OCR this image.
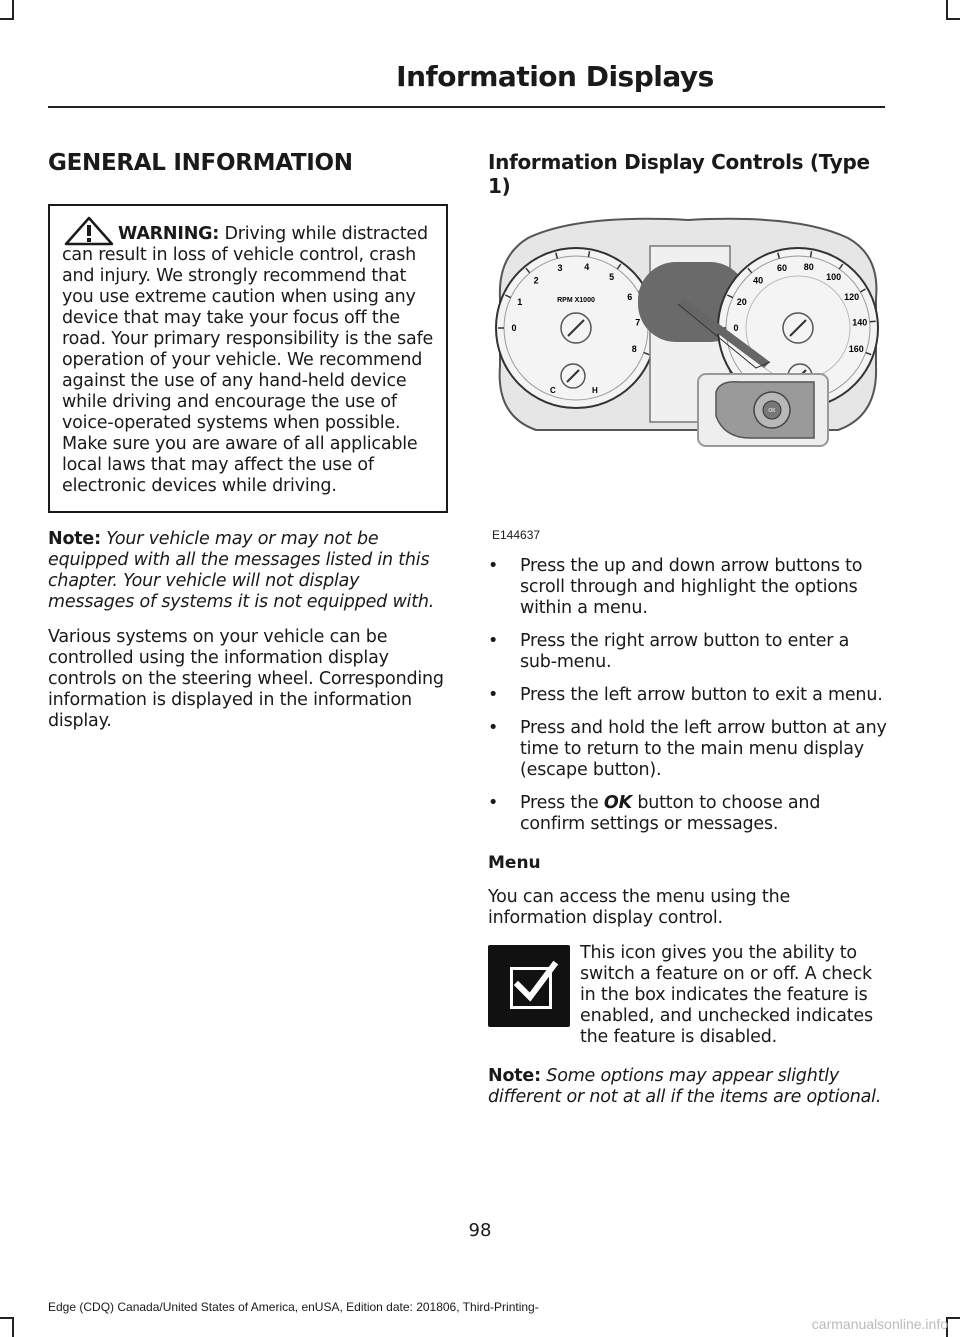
Information Displays
GENERAL INFORMATION
WARNING: Driving while distracted can result in loss of vehicle control, crash and injury. We strongly recommend that you use extreme caution when using any device that may take your focus off the road. Your primary responsibility is the safe operation of your vehicle. We recommend against the use of any hand-held device while driving and encourage the use of voice-operated systems when possible. Make sure you are aware of all applicable local laws that may affect the use of electronic devices while driving.

Note: Your vehicle may or may not be equipped with all the messages listed in this chapter. Your vehicle will not display messages of systems it is not equipped with.

Various systems on your vehicle can be controlled using the information display controls on the steering wheel. Corresponding information is displayed in the information display.

Information Display Controls (Type 1)
RPM X1000
0
1
2
3 4
5
6
7
8
C	H
0
20
40
60 80
100
120
140
160
OK
E144637
• Press the up and down arrow buttons to scroll through and highlight the options within a menu.
• Press the right arrow button to enter a sub-menu.
• Press the left arrow button to exit a menu.
• Press and hold the left arrow button at any time to return to the main menu display (escape button).
• Press the OK button to choose and confirm settings or messages.
Menu

You can access the menu using the information display control.

This icon gives you the ability to switch a feature on or off. A check in the box indicates the feature is enabled, and unchecked indicates the feature is disabled.

Note: Some options may appear slightly different or not at all if the items are optional.

98
Edge (CDQ) Canada/United States of America, enUSA, Edition date: 201806, Third-Printing-
carmanualsonline.info
